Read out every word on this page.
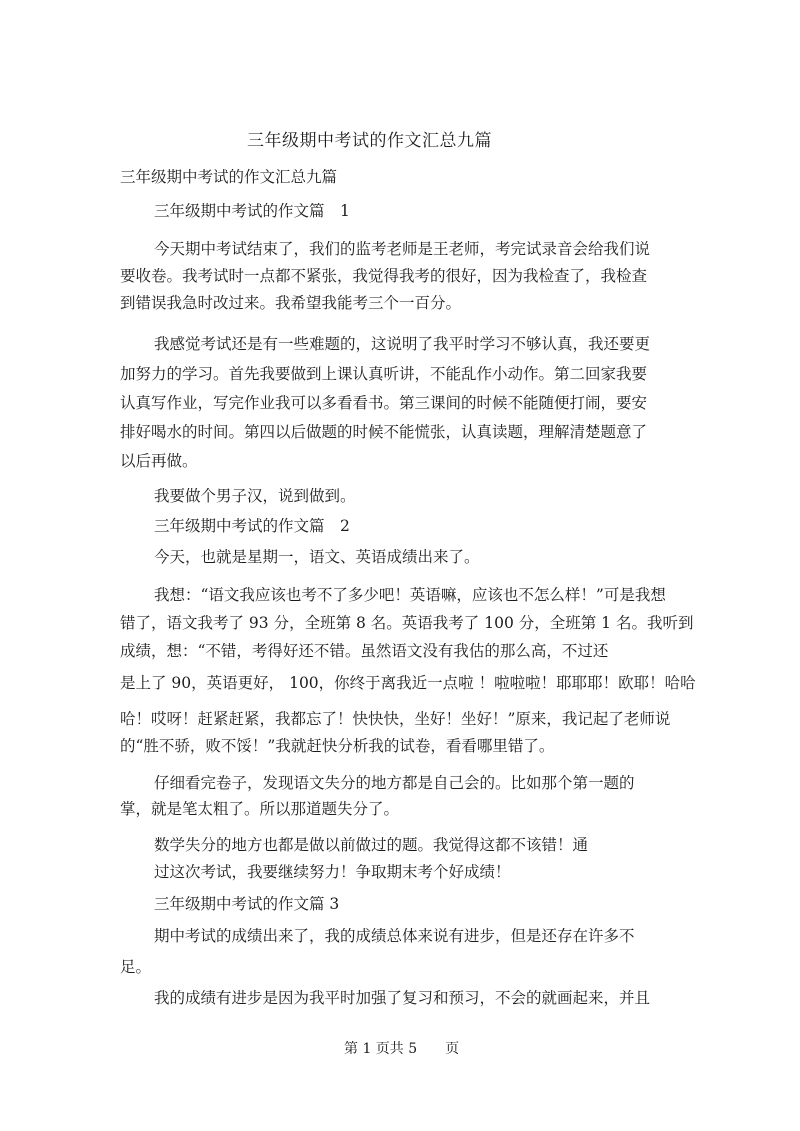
三年级期中考试的作文汇总九篇
三年级期中考试的作文汇总九篇
三年级期中考试的作文篇　1
今天期中考试结束了，我们的监考老师是王老师，考完试录音会给我们说
要收卷。我考试时一点都不紧张，我觉得我考的很好，因为我检查了，我检查
到错误我急时改过来。我希望我能考三个一百分。
我感觉考试还是有一些难题的，这说明了我平时学习不够认真，我还要更
加努力的学习。首先我要做到上课认真听讲，不能乱作小动作。第二回家我要
认真写作业，写完作业我可以多看看书。第三课间的时候不能随便打闹，要安
排好喝水的时间。第四以后做题的时候不能慌张，认真读题，理解清楚题意了
以后再做。
我要做个男子汉，说到做到。
三年级期中考试的作文篇　2
今天，也就是星期一，语文、英语成绩出来了。
我想：“语文我应该也考不了多少吧！英语嘛，应该也不怎么样！”可是我想
错了，语文我考了 93 分，全班第 8 名。英语我考了 100 分，全班第 1 名。我听到
成绩，想：“不错，考得好还不错。虽然语文没有我估的那么高，不过还
是上了 90，英语更好， 100，你终于离我近一点啦 ！啦啦啦！耶耶耶！欧耶！哈哈
哈！哎呀！赶紧赶紧，我都忘了！快快快，坐好！坐好！”原来，我记起了老师说
的“胜不骄，败不馁！”我就赶快分析我的试卷，看看哪里错了。
仔细看完卷子，发现语文失分的地方都是自己会的。比如那个第一题的
掌，就是笔太粗了。所以那道题失分了。
数学失分的地方也都是做以前做过的题。我觉得这都不该错！通
过这次考试，我要继续努力！争取期末考个好成绩！
三年级期中考试的作文篇 3
期中考试的成绩出来了，我的成绩总体来说有进步，但是还存在许多不
足。
我的成绩有进步是因为我平时加强了复习和预习，不会的就画起来，并且
第 1 页共 5　　页
